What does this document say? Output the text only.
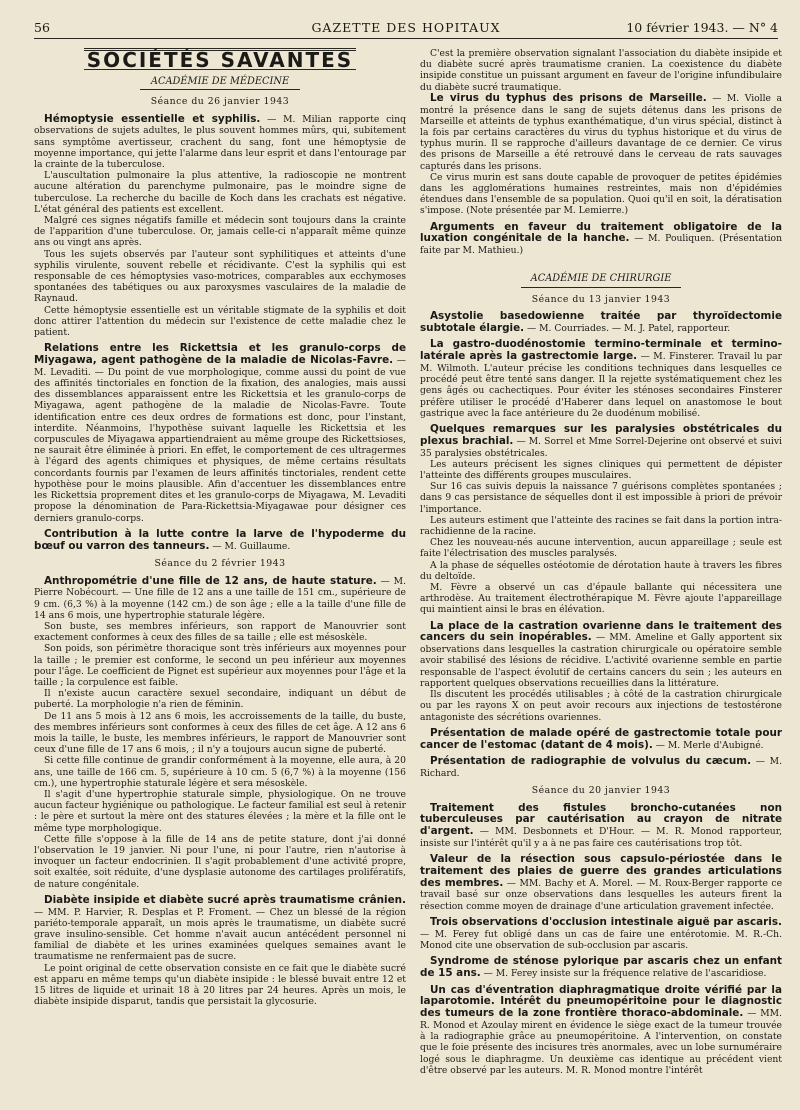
56	GAZETTE DES HOPITAUX	10 février 1943. — N° 4
SOCIÉTÉS SAVANTES
ACADÉMIE DE MÉDECINE
Séance du 26 janvier 1943

Hémoptysie essentielle et syphilis. — M. Milian rapporte cinq observations de sujets adultes, le plus souvent hommes mûrs, qui, subitement sans symptôme avertisseur, crachent du sang, font une hémoptysie de moyenne importance, qui jette l'alarme dans leur esprit et dans l'entourage par la crainte de la tuberculose.

L'auscultation pulmonaire la plus attentive, la radioscopie ne montrent aucune altération du parenchyme pulmonaire, pas le moindre signe de tuberculose. La recherche du bacille de Koch dans les crachats est négative. L'état général des patients est excellent.

Malgré ces signes négatifs famille et médecin sont toujours dans la crainte de l'apparition d'une tuberculose. Or, jamais celle-ci n'apparaît même quinze ans ou vingt ans après.

Tous les sujets observés par l'auteur sont syphilitiques et atteints d'une syphilis virulente, souvent rebelle et récidivante. C'est la syphilis qui est responsable de ces hémoptysies vaso-motrices, comparables aux ecchymoses spontanées des tabétiques ou aux paroxysmes vasculaires de la maladie de Raynaud.

Cette hémoptysie essentielle est un véritable stigmate de la syphilis et doit donc attirer l'attention du médecin sur l'existence de cette maladie chez le patient.

Relations entre les Rickettsia et les granulo-corps de Miyagawa, agent pathogène de la maladie de Nicolas-Favre. — M. Levaditi. — Du point de vue morphologique, comme aussi du point de vue des affinités tinctoriales en fonction de la fixation, des analogies, mais aussi des dissemblances apparaissent entre les Rickettsia et les granulo-corps de Miyagawa, agent pathogène de la maladie de Nicolas-Favre. Toute identification entre ces deux ordres de formations est donc, pour l'instant, interdite. Néanmoins, l'hypothèse suivant laquelle les Rickettsia et les corpuscules de Miyagawa appartiendraient au même groupe des Rickettsioses, ne saurait être éliminée à priori. En effet, le comportement de ces ultragermes à l'égard des agents chimiques et physiques, de même certains résultats concordants fournis par l'examen de leurs affinités tinctoriales, rendent cette hypothèse pour le moins plausible. Afin d'accentuer les dissemblances entre les Rickettsia proprement dites et les granulo-corps de Miyagawa, M. Levaditi propose la dénomination de Para-Rickettsia-Miyagawae pour désigner ces derniers granulo-corps.

Contribution à la lutte contre la larve de l'hypoderme du bœuf ou varron des tanneurs. — M. Guillaume.

Séance du 2 février 1943

Anthropométrie d'une fille de 12 ans, de haute stature. — M. Pierre Nobécourt. — Une fille de 12 ans a une taille de 151 cm., supérieure de 9 cm. (6,3 %) à la moyenne (142 cm.) de son âge ; elle a la taille d'une fille de 14 ans 6 mois, une hypertrophie staturale légère.

Son buste, ses membres inférieurs, son rapport de Manouvrier sont exactement conformes à ceux des filles de sa taille ; elle est mésoskèle.

Son poids, son périmètre thoracique sont très inférieurs aux moyennes pour la taille ; le premier est conforme, le second un peu inférieur aux moyennes pour l'âge. Le coefficient de Pignet est supérieur aux moyennes pour l'âge et la taille ; la corpulence est faible.

Il n'existe aucun caractère sexuel secondaire, indiquant un début de puberté. La morphologie n'a rien de féminin.

De 11 ans 5 mois à 12 ans 6 mois, les accroissements de la taille, du buste, des membres inférieurs sont conformes à ceux des filles de cet âge. A 12 ans 6 mois la taille, le buste, les membres inférieurs, le rapport de Manouvrier sont ceux d'une fille de 17 ans 6 mois, ; il n'y a toujours aucun signe de puberté.

Si cette fille continue de grandir conformément à la moyenne, elle aura, à 20 ans, une taille de 166 cm. 5, supérieure à 10 cm. 5 (6,7 %) à la moyenne (156 cm.), une hypertrophie staturale légère et sera mésoskèle.

Il s'agit d'une hypertrophie staturale simple, physiologique. On ne trouve aucun facteur hygiénique ou pathologique. Le facteur familial est seul à retenir : le père et surtout la mère ont des statures élevées ; la mère et la fille ont le même type morphologique.

Cette fille s'oppose à la fille de 14 ans de petite stature, dont j'ai donné l'observation le 19 janvier. Ni pour l'une, ni pour l'autre, rien n'autorise à invoquer un facteur endocrinien. Il s'agit probablement d'une activité propre, soit exaltée, soit réduite, d'une dysplasie autonome des cartilages prolifératifs, de nature congénitale.

Diabète insipide et diabète sucré après traumatisme crânien. — MM. P. Harvier, R. Desplas et P. Froment. — Chez un blessé de la région pariéto-temporale apparaît, un mois après le traumatisme, un diabète sucré grave insulino-sensible. Cet homme n'avait aucun antécédent personnel ni familial de diabète et les urines examinées quelques semaines avant le traumatisme ne renfermaient pas de sucre.

Le point original de cette observation consiste en ce fait que le diabète sucré est apparu en même temps qu'un diabète insipide : le blessé buvait entre 12 et 15 litres de liquide et urinait 18 à 20 litres par 24 heures. Après un mois, le diabète insipide disparut, tandis que persistait la glycosurie.

C'est la première observation signalant l'association du diabète insipide et du diabète sucré après traumatisme cranien. La coexistence du diabète insipide constitue un puissant argument en faveur de l'origine infundibulaire du diabète sucré traumatique.

Le virus du typhus des prisons de Marseille. — M. Violle a montré la présence dans le sang de sujets détenus dans les prisons de Marseille et atteints de typhus exanthématique, d'un virus spécial, distinct à la fois par certains caractères du virus du typhus historique et du virus de typhus murin. Il se rapproche d'ailleurs davantage de ce dernier. Ce virus des prisons de Marseille a été retrouvé dans le cerveau de rats sauvages capturés dans les prisons.

Ce virus murin est sans doute capable de provoquer de petites épidémies dans les agglomérations humaines restreintes, mais non d'épidémies étendues dans l'ensemble de sa population. Quoi qu'il en soit, la dératisation s'impose. (Note présentée par M. Lemierre.)

Arguments en faveur du traitement obligatoire de la luxation congénitale de la hanche. — M. Pouliquen. (Présentation faite par M. Mathieu.)

ACADÉMIE DE CHIRURGIE
Séance du 13 janvier 1943

Asystolie basedowienne traitée par thyroïdectomie subtotale élargie. — M. Courriades. — M. J. Patel, rapporteur.

La gastro-duodénostomie termino-terminale et termino-latérale après la gastrectomie large. — M. Finsterer. Travail lu par M. Wilmoth. L'auteur précise les conditions techniques dans lesquelles ce procédé peut être tenté sans danger. Il la rejette systématiquement chez les gens âgés ou cachectiques. Pour éviter les sténoses secondaires Finsterer préfère utiliser le procédé d'Haberer dans lequel on anastomose le bout gastrique avec la face antérieure du 2e duodénum mobilisé.

Quelques remarques sur les paralysies obstétricales du plexus brachial. — M. Sorrel et Mme Sorrel-Dejerine ont observé et suivi 35 paralysies obstétricales.

Les auteurs précisent les signes cliniques qui permettent de dépister l'atteinte des différents groupes musculaires.

Sur 16 cas suivis depuis la naissance 7 guérisons complètes spontanées ; dans 9 cas persistance de séquelles dont il est impossible à priori de prévoir l'importance.

Les auteurs estiment que l'atteinte des racines se fait dans la portion intra-rachidienne de la racine.

Chez les nouveau-nés aucune intervention, aucun appareillage ; seule est faite l'électrisation des muscles paralysés.

A la phase de séquelles ostéotomie de dérotation haute à travers les fibres du deltoïde.

M. Fèvre a observé un cas d'épaule ballante qui nécessitera une arthrodèse. Au traitement électrothérapique M. Fèvre ajoute l'appareillage qui maintient ainsi le bras en élévation.

La place de la castration ovarienne dans le traitement des cancers du sein inopérables. — MM. Ameline et Gally apportent six observations dans lesquelles la castration chirurgicale ou opératoire semble avoir stabilisé des lésions de récidive. L'activité ovarienne semble en partie responsable de l'aspect évolutif de certains cancers du sein ; les auteurs en rapportent quelques observations recueillies dans la littérature.

Ils discutent les procédés utilisables ; à côté de la castration chirurgicale ou par les rayons X on peut avoir recours aux injections de testostérone antagoniste des sécrétions ovariennes.

Présentation de malade opéré de gastrectomie totale pour cancer de l'estomac (datant de 4 mois). — M. Merle d'Aubigné.

Présentation de radiographie de volvulus du cæcum. — M. Richard.

Séance du 20 janvier 1943

Traitement des fistules broncho-cutanées non tuberculeuses par cautérisation au crayon de nitrate d'argent. — MM. Desbonnets et D'Hour. — M. R. Monod rapporteur, insiste sur l'intérêt qu'il y a à ne pas faire ces cautérisations trop tôt.

Valeur de la résection sous capsulo-périostée dans le traitement des plaies de guerre des grandes articulations des membres. — MM. Bachy et A. Morel. — M. Roux-Berger rapporte ce travail basé sur onze observations dans lesquelles les auteurs firent la résection comme moyen de drainage d'une articulation gravement infectée.

Trois observations d'occlusion intestinale aiguë par ascaris. — M. Ferey fut obligé dans un cas de faire une entérotomie. M. R.-Ch. Monod cite une observation de sub-occlusion par ascaris.

Syndrome de sténose pylorique par ascaris chez un enfant de 15 ans. — M. Ferey insiste sur la fréquence relative de l'ascaridiose.

Un cas d'éventration diaphragmatique droite vérifié par la laparotomie. Intérêt du pneumopéritoine pour le diagnostic des tumeurs de la zone frontière thoraco-abdominale. — MM. R. Monod et Azoulay mirent en évidence le siège exact de la tumeur trouvée à la radiographie grâce au pneumopéritoine. A l'intervention, on constate que le foie présente des incisures très anormales, avec un lobe surnuméraire logé sous le diaphragme. Un deuxième cas identique au précédent vient d'être observé par les auteurs. M. R. Monod montre l'intérêt
